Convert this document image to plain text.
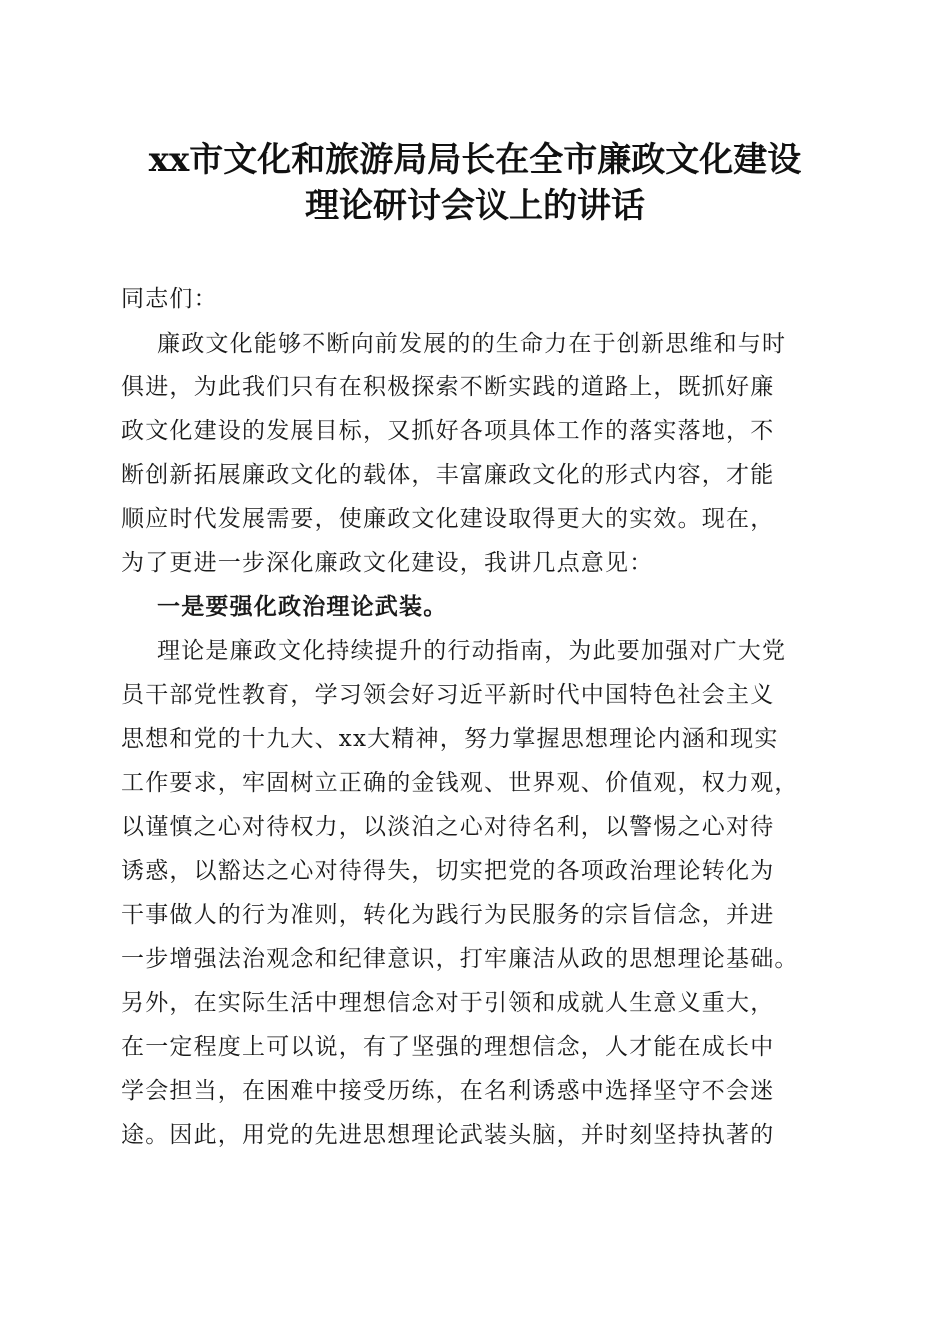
xx市文化和旅游局局长在全市廉政文化建设
理论研讨会议上的讲话
同志们：
廉政文化能够不断向前发展的的生命力在于创新思维和与时
俱进，为此我们只有在积极探索不断实践的道路上，既抓好廉
政文化建设的发展目标，又抓好各项具体工作的落实落地，不
断创新拓展廉政文化的载体，丰富廉政文化的形式内容，才能
顺应时代发展需要，使廉政文化建设取得更大的实效。现在，
为了更进一步深化廉政文化建设，我讲几点意见：
一是要强化政治理论武装。
理论是廉政文化持续提升的行动指南，为此要加强对广大党
员干部党性教育，学习领会好习近平新时代中国特色社会主义
思想和党的十九大、xx大精神，努力掌握思想理论内涵和现实
工作要求，牢固树立正确的金钱观、世界观、价值观，权力观，
以谨慎之心对待权力，以淡泊之心对待名利，以警惕之心对待
诱惑，以豁达之心对待得失，切实把党的各项政治理论转化为
干事做人的行为准则，转化为践行为民服务的宗旨信念，并进
一步增强法治观念和纪律意识，打牢廉洁从政的思想理论基础。
另外，在实际生活中理想信念对于引领和成就人生意义重大，
在一定程度上可以说，有了坚强的理想信念，人才能在成长中
学会担当，在困难中接受历练，在名利诱惑中选择坚守不会迷
途。因此，用党的先进思想理论武装头脑，并时刻坚持执著的
